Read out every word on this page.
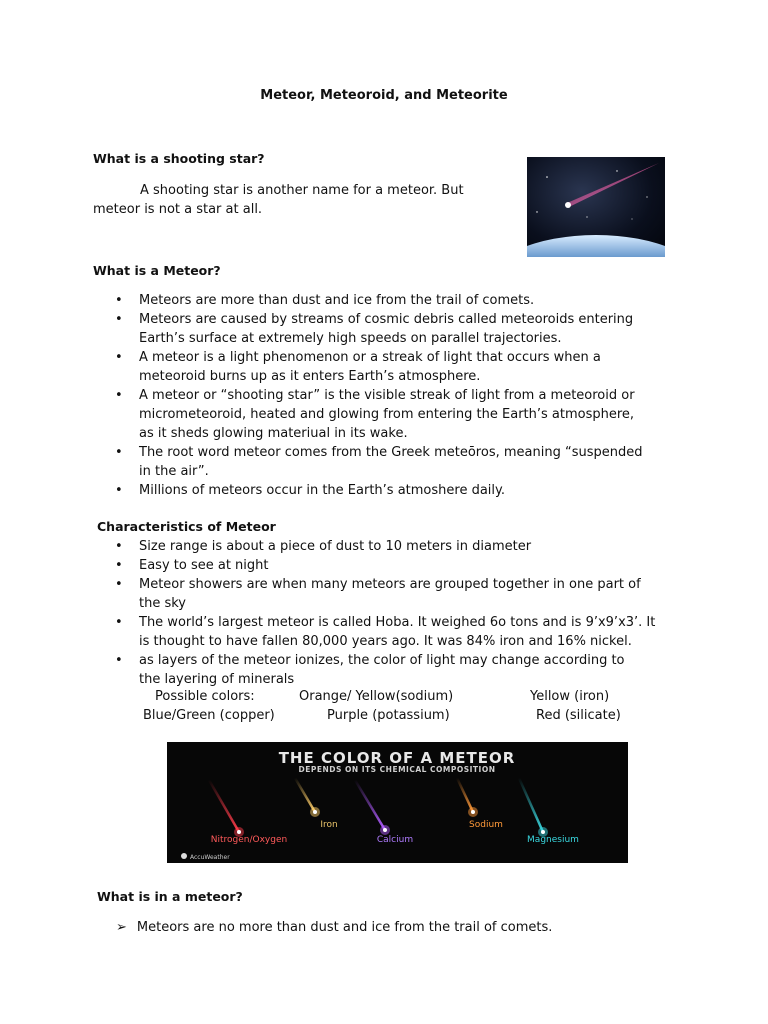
Meteor, Meteoroid, and Meteorite
What is a shooting star?
A shooting star is another name for a meteor. But
meteor is not a star at all.
What is a Meteor?
• Meteors are more than dust and ice from the trail of comets.
• Meteors are caused by streams of cosmic debris called meteoroids entering
Earth’s surface at extremely high speeds on parallel trajectories.
• A meteor is a light phenomenon or a streak of light that occurs when a
meteoroid burns up as it enters Earth’s atmosphere.
• A meteor or “shooting star” is the visible streak of light from a meteoroid or
micrometeoroid, heated and glowing from entering the Earth’s atmosphere,
as it sheds glowing materiual in its wake.
• The root word meteor comes from the Greek meteōros, meaning “suspended
in the air”.
• Millions of meteors occur in the Earth’s atmoshere daily.
Characteristics of Meteor
• Size range is about a piece of dust to 10 meters in diameter
• Easy to see at night
• Meteor showers are when many meteors are grouped together in one part of
the sky
• The world’s largest meteor is called Hoba. It weighed 6o tons and is 9’x9’x3’. It
is thought to have fallen 80,000 years ago. It was 84% iron and 16% nickel.
• as layers of the meteor ionizes, the color of light may change according to
the layering of minerals
Possible colors:	Orange/ Yellow(sodium)	Yellow (iron)
Blue/Green (copper)	Purple (potassium)	Red (silicate)
THE COLOR OF A METEOR
DEPENDS ON ITS CHEMICAL COMPOSITION
Nitrogen/Oxygen
Iron
Calcium
Sodium
Magnesium
AccuWeather
What is in a meteor?
➢ Meteors are no more than dust and ice from the trail of comets.
